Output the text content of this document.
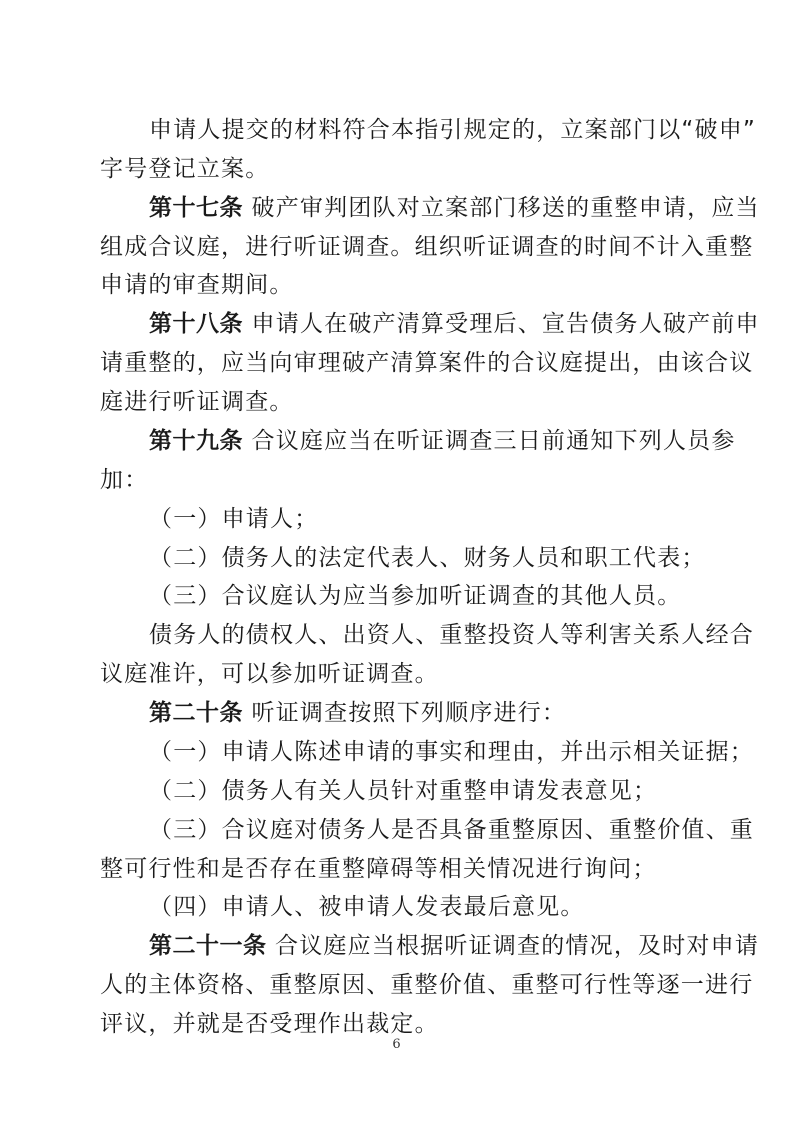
申请人提交的材料符合本指引规定的，立案部门以“破申”
字号登记立案。
第十七条 破产审判团队对立案部门移送的重整申请，应当
组成合议庭，进行听证调查。组织听证调查的时间不计入重整
申请的审查期间。
第十八条 申请人在破产清算受理后、宣告债务人破产前申
请重整的，应当向审理破产清算案件的合议庭提出，由该合议
庭进行听证调查。
第十九条 合议庭应当在听证调查三日前通知下列人员参
加：
（一）申请人；
（二）债务人的法定代表人、财务人员和职工代表；
（三）合议庭认为应当参加听证调查的其他人员。
债务人的债权人、出资人、重整投资人等利害关系人经合
议庭准许，可以参加听证调查。
第二十条 听证调查按照下列顺序进行：
（一）申请人陈述申请的事实和理由，并出示相关证据；
（二）债务人有关人员针对重整申请发表意见；
（三）合议庭对债务人是否具备重整原因、重整价值、重
整可行性和是否存在重整障碍等相关情况进行询问；
（四）申请人、被申请人发表最后意见。
第二十一条 合议庭应当根据听证调查的情况，及时对申请
人的主体资格、重整原因、重整价值、重整可行性等逐一进行
评议，并就是否受理作出裁定。
6
